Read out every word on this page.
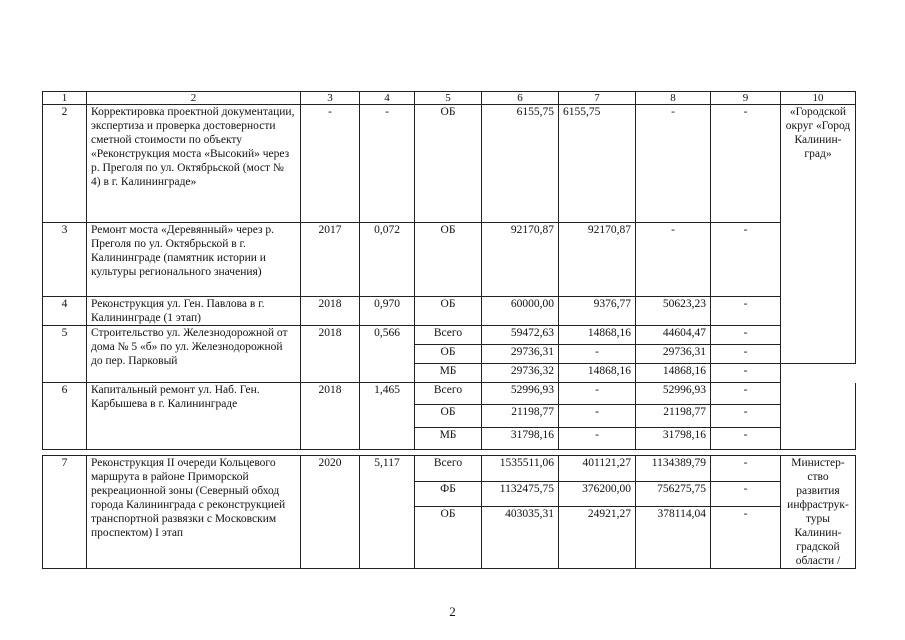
1	2	3	4	5	6	7	8	9	10
2	Корректировка проектной документации, экспертиза и проверка достоверности сметной стоимости по объекту «Реконструкция моста «Высокий» через р. Преголя по ул. Октябрьской (мост № 4) в г. Калининграде»	-	-	ОБ	6155,75	6155,75	-	-	«Городской округ «Город Калинин-град»
3	Ремонт моста «Деревянный» через р. Преголя по ул. Октябрьской в г. Калининграде (памятник истории и культуры регионального значения)	2017	0,072	ОБ	92170,87	92170,87	-	-	
4	Реконструкция ул. Ген. Павлова в г. Калининграде (1 этап)	2018	0,970	ОБ	60000,00	9376,77	50623,23	-	
5	Строительство ул. Железнодорожной от дома № 5 «б» по ул. Железнодорожной до пер. Парковый	2018	0,566	Всего	59472,63	14868,16	44604,47	-	
				ОБ	29736,31	-	29736,31	-	
				МБ	29736,32	14868,16	14868,16	-	
6	Капитальный ремонт ул. Наб. Ген. Карбышева в г. Калининграде	2018	1,465	Всего	52996,93	-	52996,93	-	
				ОБ	21198,77	-	21198,77	-	
				МБ	31798,16	-	31798,16	-	

7	Реконструкция II очереди Кольцевого маршрута в районе Приморской рекреационной зоны (Северный обход города Калининграда с реконструкцией транспортной развязки с Московским проспектом) I этап	2020	5,117	Всего	1535511,06	401121,27	1134389,79	-	Министер-ство развития инфраструк-туры Калинин-градской области /
				ФБ	1132475,75	376200,00	756275,75	-	
				ОБ	403035,31	24921,27	378114,04	-	
2
